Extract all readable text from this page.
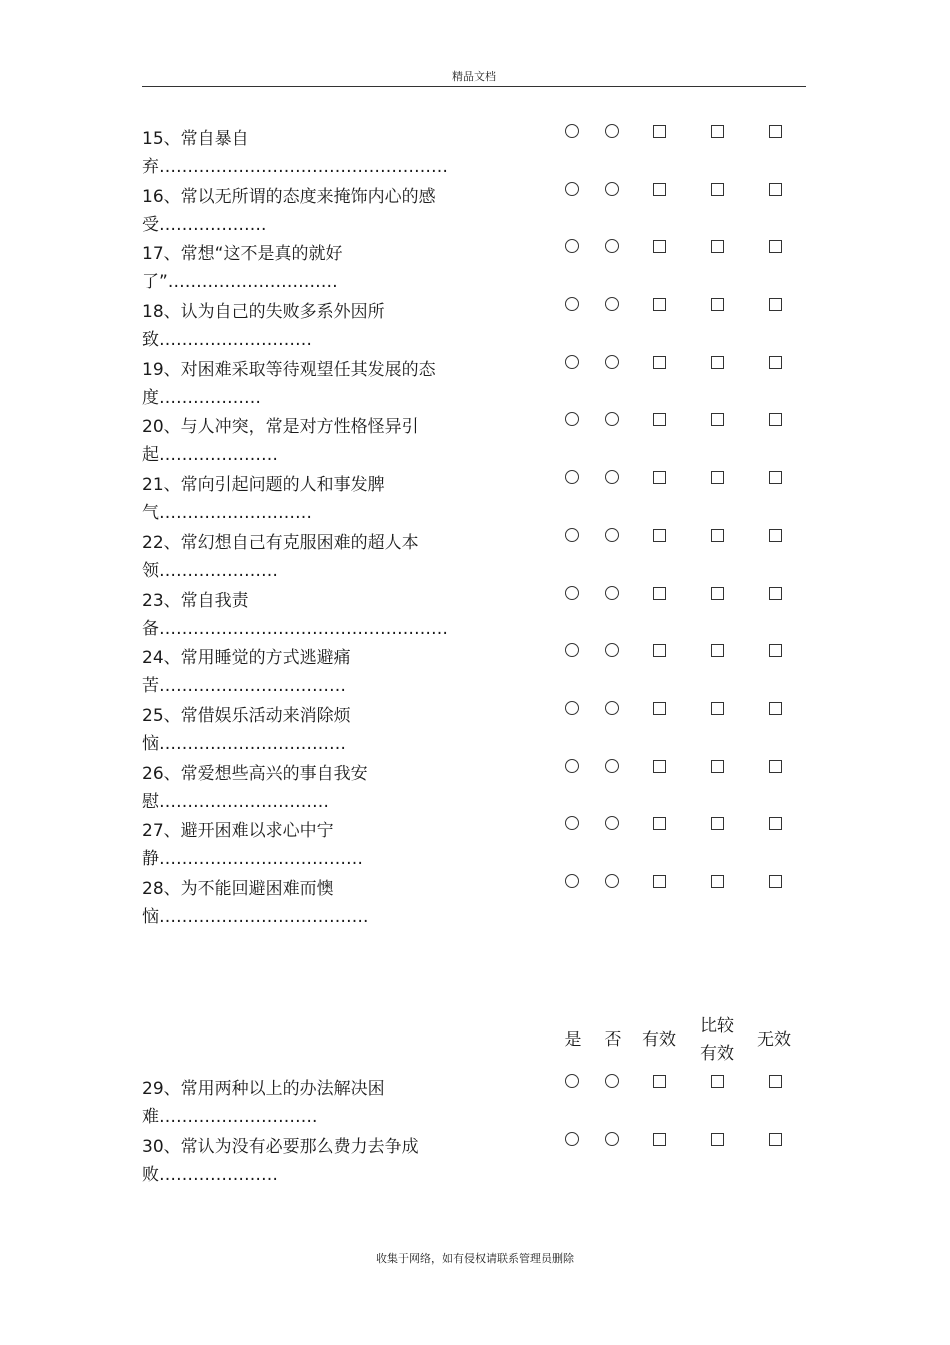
精品文档
15、常自暴自
弃……………………………………………
16、常以无所谓的态度来掩饰内心的感
受……………….
17、常想“这不是真的就好
了”…………………………
18、认为自己的失败多系外因所
致………………………
19、对困难采取等待观望任其发展的态
度………………
20、与人冲突，常是对方性格怪异引
起…………………
21、常向引起问题的人和事发脾
气………………………
22、常幻想自己有克服困难的超人本
领…………………
23、常自我责
备……………………………………………
24、常用睡觉的方式逃避痛
苦……………………………
25、常借娱乐活动来消除烦
恼……………………………
26、常爱想些高兴的事自我安
慰…………………………
27、避开困难以求心中宁
静………………………………
28、为不能回避困难而懊
恼……………………………….
是 否 有效
比较
有效
无效
29、常用两种以上的办法解决困
难……………………….
30、常认为没有必要那么费力去争成
败…………………
收集于网络，如有侵权请联系管理员删除
